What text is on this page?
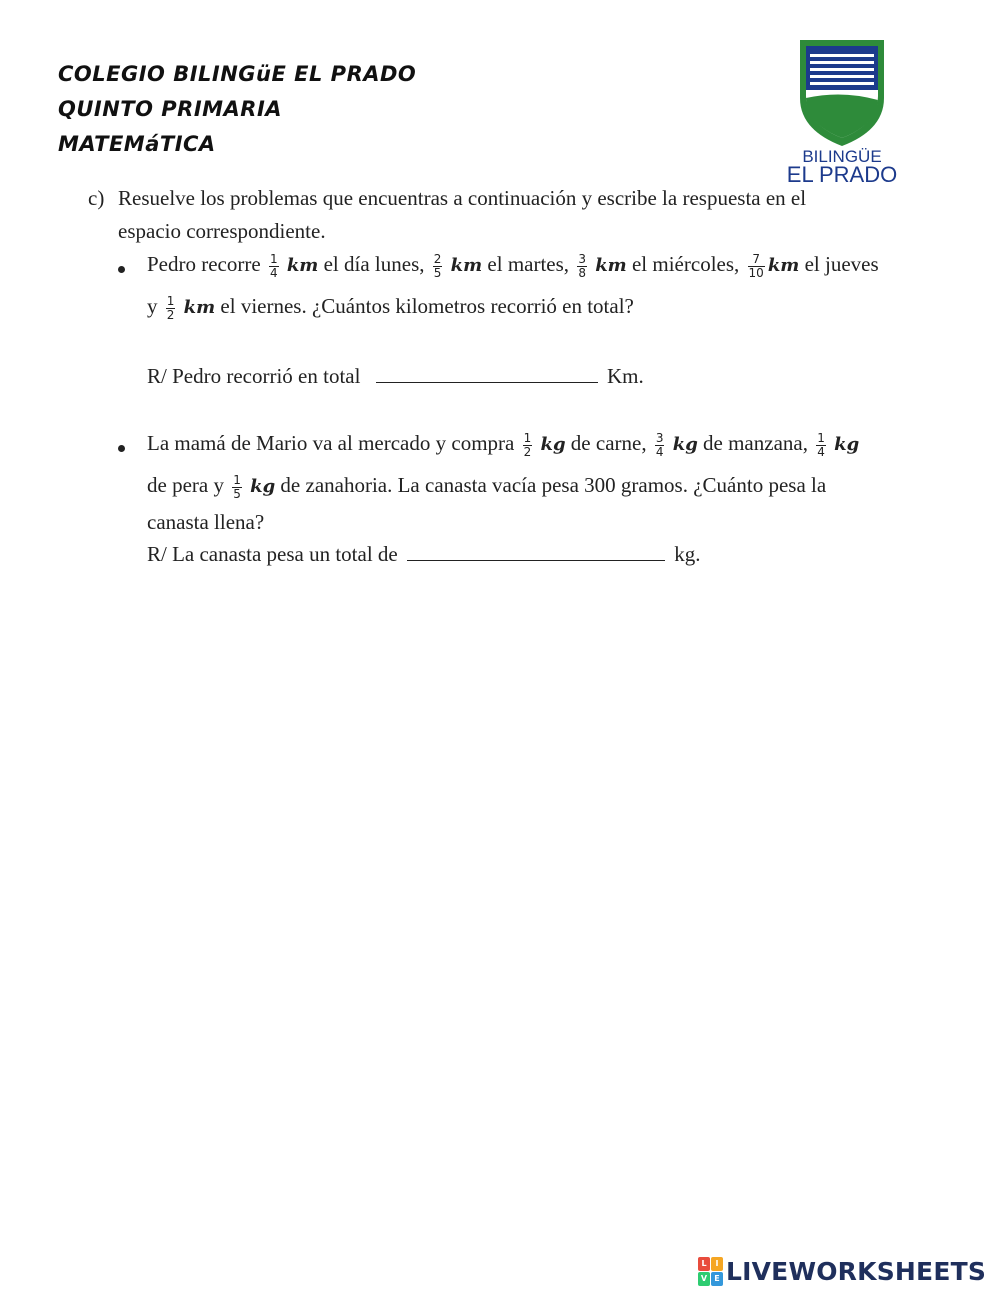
COLEGIO BILINGüE EL PRADO
QUINTO PRIMARIA
MATEMáTICA
BILINGÜE
EL PRADO
c) Resuelve los problemas que encuentras a continuación y escribe la respuesta en el
espacio correspondiente.
Pedro recorre $\frac{1}{4}$ km el día lunes, $\frac{2}{5}$ km el martes, $\frac{3}{8}$ km el miércoles, $\frac{7}{10}$ km el jueves
y $\frac{1}{2}$ km el viernes. ¿Cuántos kilometros recorrió en total?
R/ Pedro recorrió en total	Km.
La mamá de Mario va al mercado y compra $\frac{1}{2}$ kg de carne, $\frac{3}{4}$ kg de manzana, $\frac{1}{4}$ kg
de pera y $\frac{1}{5}$ kg de zanahoria. La canasta vacía pesa 300 gramos. ¿Cuánto pesa la
canasta llena?
R/ La canasta pesa un total de	kg.
L	I
V E LIVEWORKSHEETS
